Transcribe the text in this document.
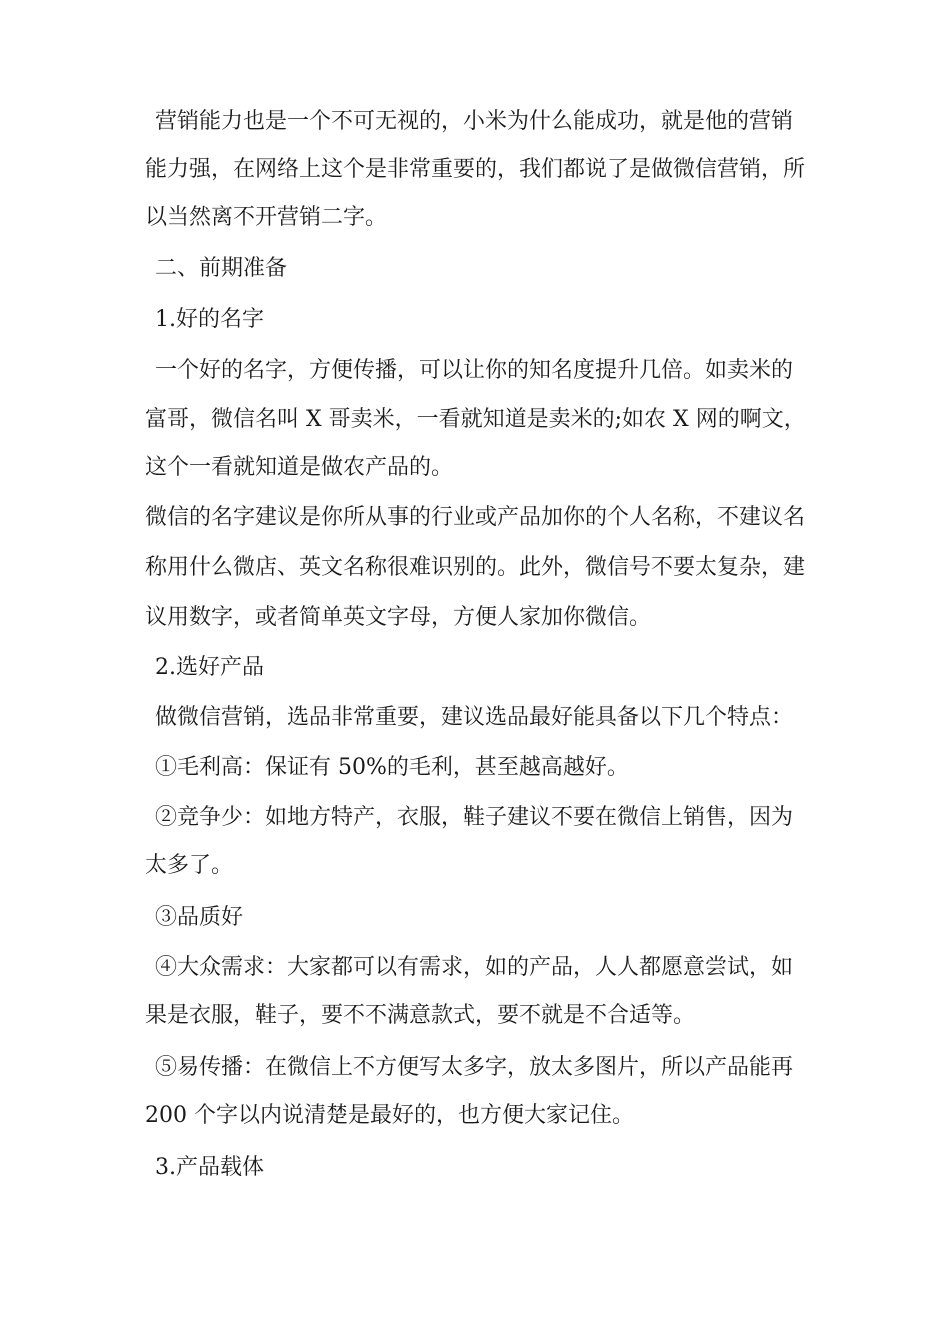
营销能力也是一个不可无视的，小米为什么能成功，就是他的营销

能力强，在网络上这个是非常重要的，我们都说了是做微信营销，所

以当然离不开营销二字。

二、前期准备

1.好的名字

一个好的名字，方便传播，可以让你的知名度提升几倍。如卖米的

富哥，微信名叫 X 哥卖米，一看就知道是卖米的;如农 X 网的啊文，

这个一看就知道是做农产品的。

微信的名字建议是你所从事的行业或产品加你的个人名称，不建议名

称用什么微店、英文名称很难识别的。此外，微信号不要太复杂，建

议用数字，或者简单英文字母，方便人家加你微信。

2.选好产品

做微信营销，选品非常重要，建议选品最好能具备以下几个特点：

①毛利高：保证有 50%的毛利，甚至越高越好。

②竞争少：如地方特产，衣服，鞋子建议不要在微信上销售，因为

太多了。

③品质好

④大众需求：大家都可以有需求，如的产品，人人都愿意尝试，如

果是衣服，鞋子，要不不满意款式，要不就是不合适等。

⑤易传播：在微信上不方便写太多字，放太多图片，所以产品能再

200 个字以内说清楚是最好的，也方便大家记住。

3.产品载体
